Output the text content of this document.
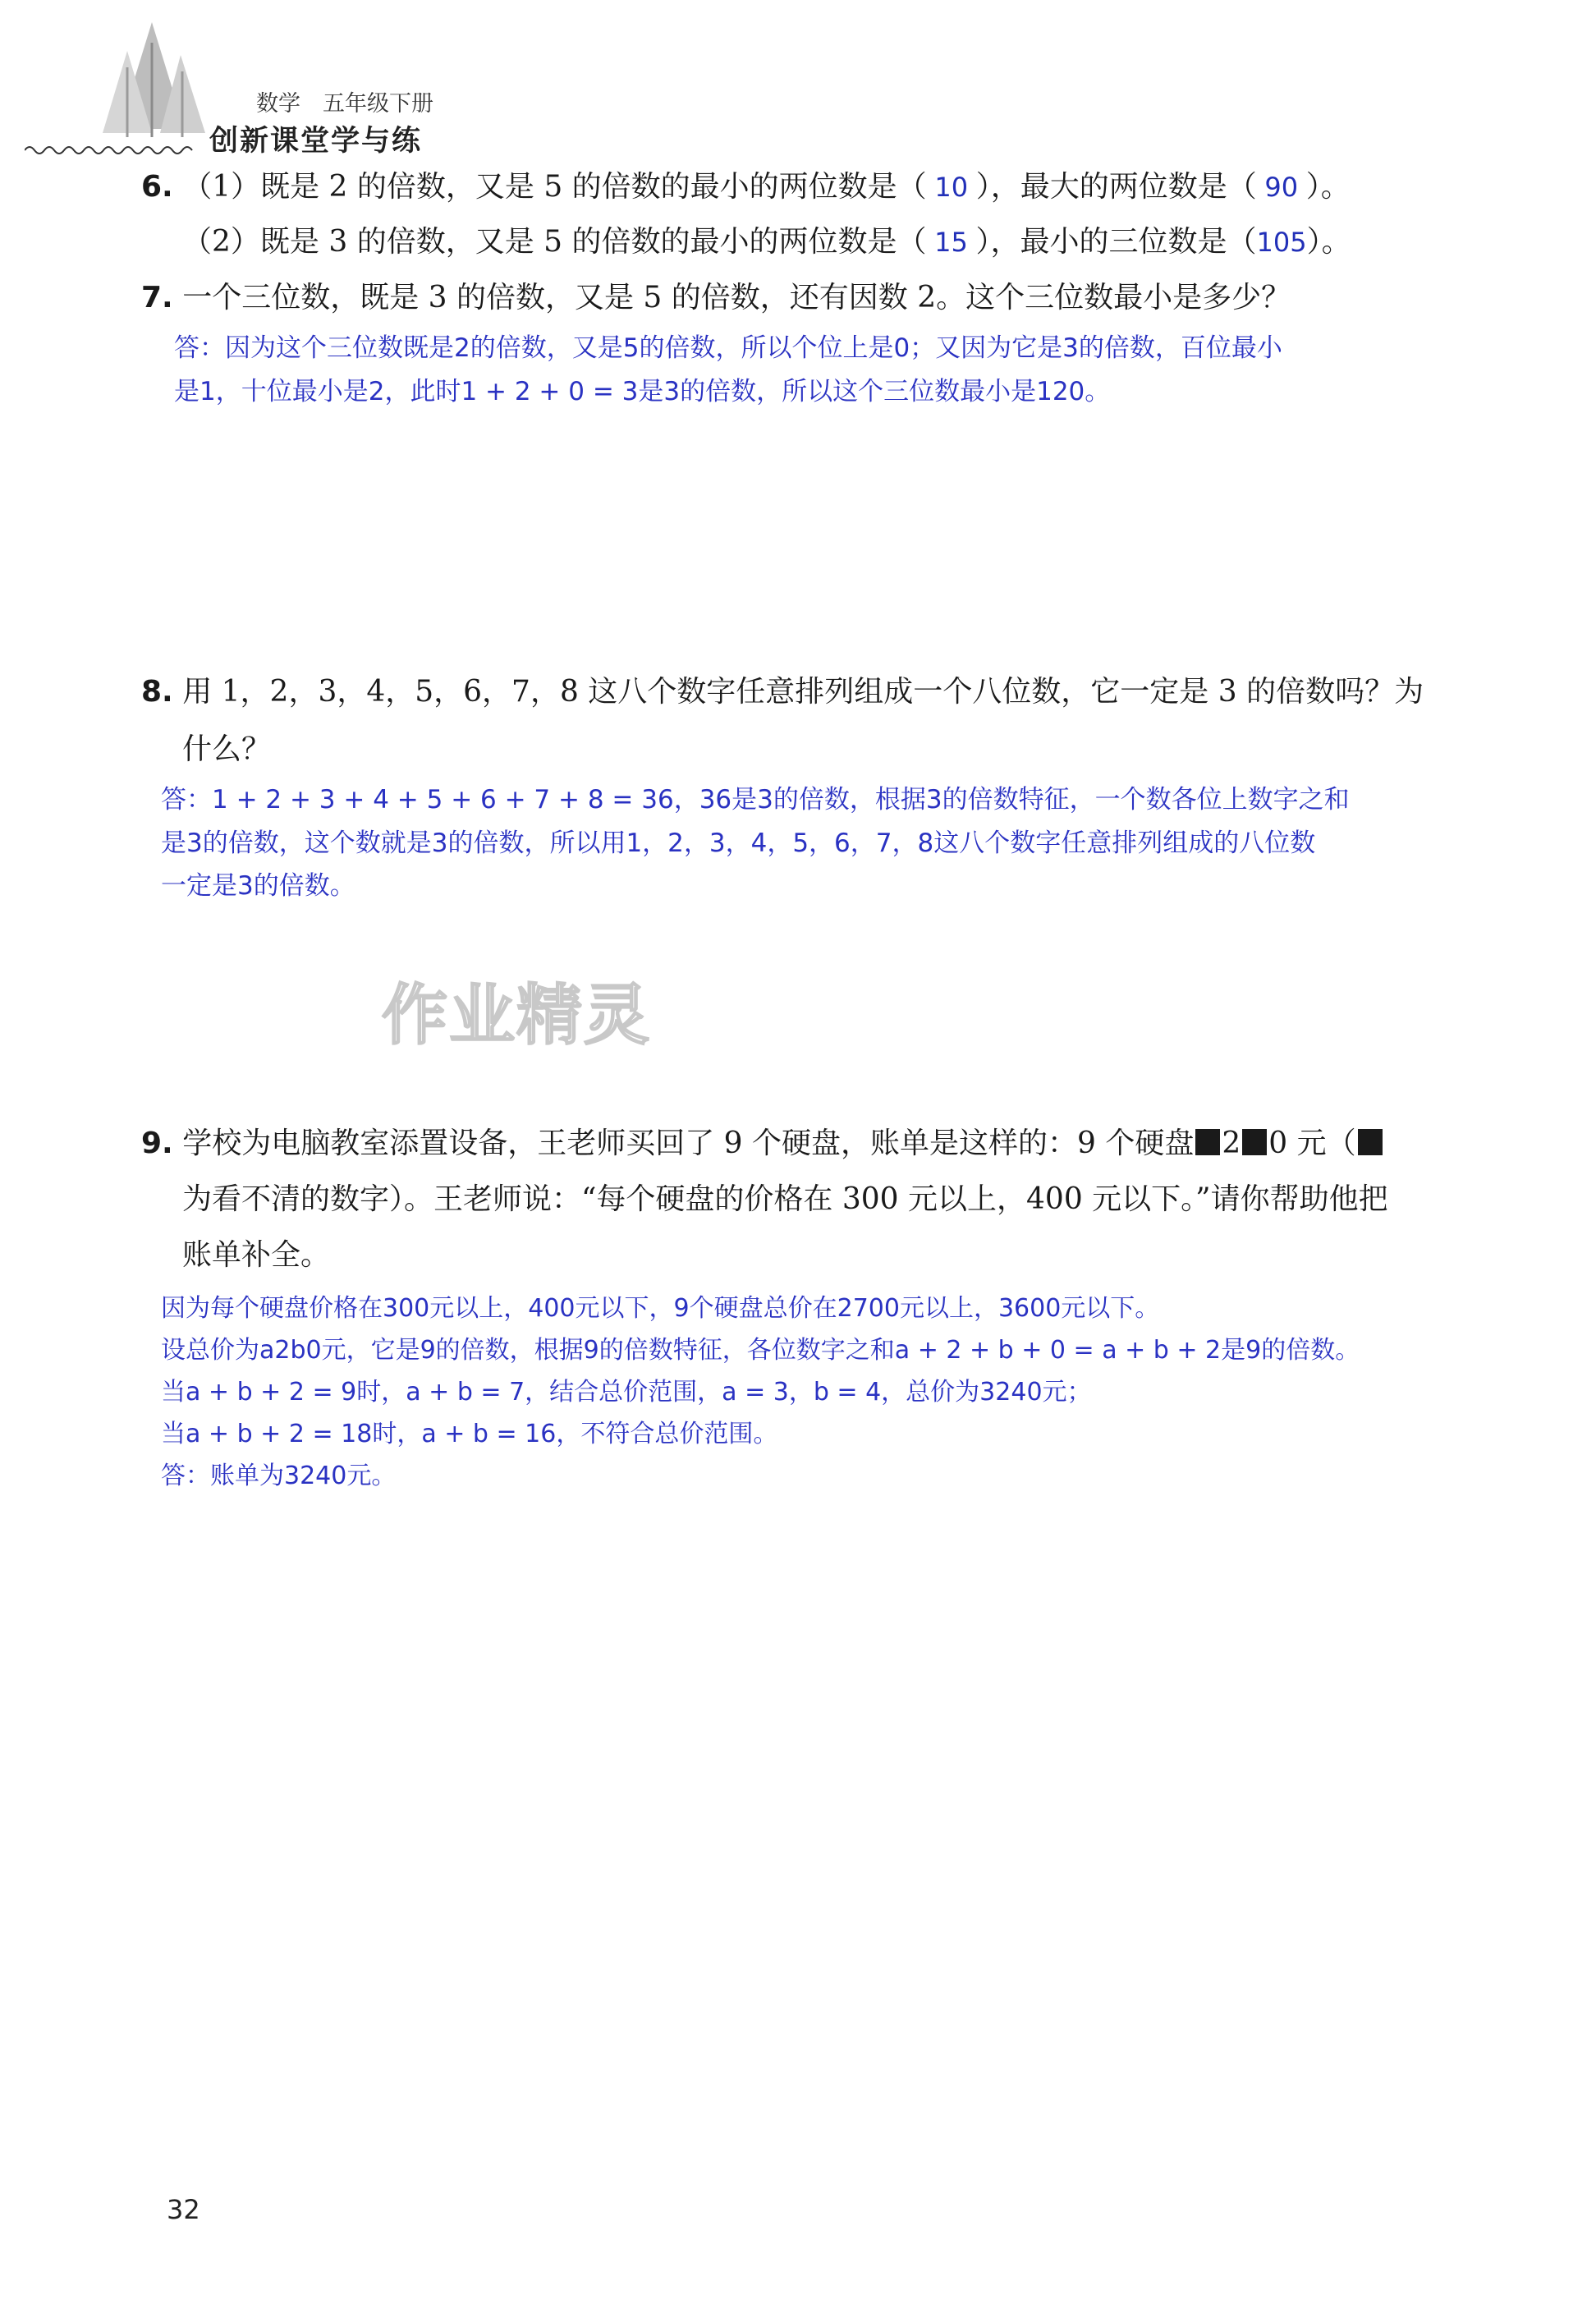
数学　五年级下册
创新课堂学与练
6. （1）既是 2 的倍数，又是 5 的倍数的最小的两位数是（ 10 ），最大的两位数是（ 90 ）。
（2）既是 3 的倍数，又是 5 的倍数的最小的两位数是（ 15 ），最小的三位数是（105）。
7. 一个三位数，既是 3 的倍数，又是 5 的倍数，还有因数 2。这个三位数最小是多少？
答：因为这个三位数既是2的倍数，又是5的倍数，所以个位上是0；又因为它是3的倍数，百位最小
是1，十位最小是2，此时1 + 2 + 0 = 3是3的倍数，所以这个三位数最小是120。
8. 用 1，2，3，4，5，6，7，8 这八个数字任意排列组成一个八位数，它一定是 3 的倍数吗？为
什么？
答：1 + 2 + 3 + 4 + 5 + 6 + 7 + 8 = 36，36是3的倍数，根据3的倍数特征，一个数各位上数字之和
是3的倍数，这个数就是3的倍数，所以用1，2，3，4，5，6，7，8这八个数字任意排列组成的八位数
一定是3的倍数。
作业精灵
9. 学校为电脑教室添置设备，王老师买回了 9 个硬盘，账单是这样的：9 个硬盘 2 0 元（
为看不清的数字）。王老师说：“每个硬盘的价格在 300 元以上，400 元以下。”请你帮助他把
账单补全。
因为每个硬盘价格在300元以上，400元以下，9个硬盘总价在2700元以上，3600元以下。
设总价为a2b0元，它是9的倍数，根据9的倍数特征，各位数字之和a + 2 + b + 0 = a + b + 2是9的倍数。
当a + b + 2 = 9时，a + b = 7，结合总价范围，a = 3，b = 4，总价为3240元；
当a + b + 2 = 18时，a + b = 16，不符合总价范围。
答：账单为3240元。
32
